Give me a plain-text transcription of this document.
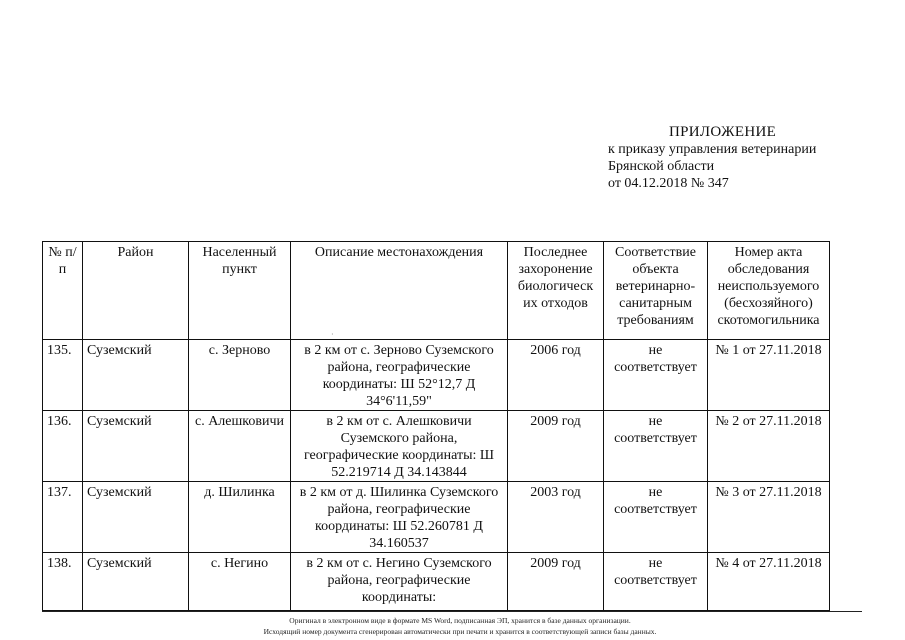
ПРИЛОЖЕНИЕ
к приказу управления ветеринарии
Брянской области
от 04.12.2018 № 347
·
№ п/п	Район	Населенный пункт	Описание местонахождения	Последнее захоронение биологическ их отходов	Соответствие объекта ветеринарно-санитарным требованиям	Номер акта обследования неиспользуемого (бесхозяйного) скотомогильника
135.	Суземский	с. Зерново	в 2 км от с. Зерново Суземского района, географические координаты: Ш 52°12,7 Д 34°6'11,59"	2006 год	не соответствует	№ 1 от 27.11.2018
136.	Суземский	с. Алешковичи	в 2 км от с. Алешковичи Суземского района, географические координаты: Ш 52.219714 Д 34.143844	2009 год	не соответствует	№ 2 от 27.11.2018
137.	Суземский	д. Шилинка	в 2 км от д. Шилинка Суземского района, географические координаты: Ш 52.260781 Д 34.160537	2003 год	не соответствует	№ 3 от 27.11.2018
138.	Суземский	с. Негино	в 2 км от с. Негино Суземского района, географические координаты:	2009 год	не соответствует	№ 4 от 27.11.2018
Оригинал в электронном виде в формате MS Word, подписанная ЭП, хранится в базе данных организации.
Исходящий номер документа сгенерирован автоматически при печати и хранится в соответствующей записи базы данных.
